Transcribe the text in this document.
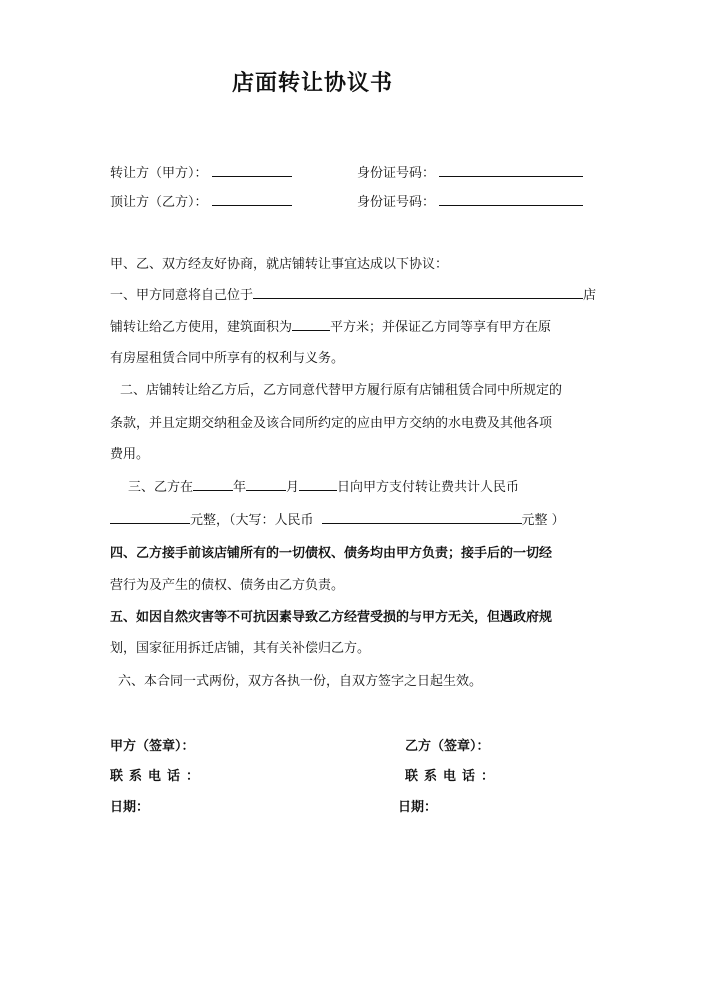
店面转让协议书
转让方（甲方）：	身份证号码：
顶让方（乙方）：	身份证号码：
甲、乙、双方经友好协商，就店铺转让事宜达成以下协议：
一、甲方同意将自己位于	店
铺转让给乙方使用，建筑面积为	平方米；并保证乙方同等享有甲方在原
有房屋租赁合同中所享有的权利与义务。
二、店铺转让给乙方后，乙方同意代替甲方履行原有店铺租赁合同中所规定的
条款，并且定期交纳租金及该合同所约定的应由甲方交纳的水电费及其他各项
费用。
三、乙方在	年	月	日向甲方支付转让费共计人民币
元整，（大写：人民币	元整 ）
四、乙方接手前该店铺所有的一切债权、债务均由甲方负责；接手后的一切经
营行为及产生的债权、债务由乙方负责。
五、如因自然灾害等不可抗因素导致乙方经营受损的与甲方无关，但遇政府规
划，国家征用拆迁店铺，其有关补偿归乙方。
六、本合同一式两份，双方各执一份，自双方签字之日起生效。
甲方（签章）：	乙方（签章）：
联系电话：	联系电话：
日期：	日期：
